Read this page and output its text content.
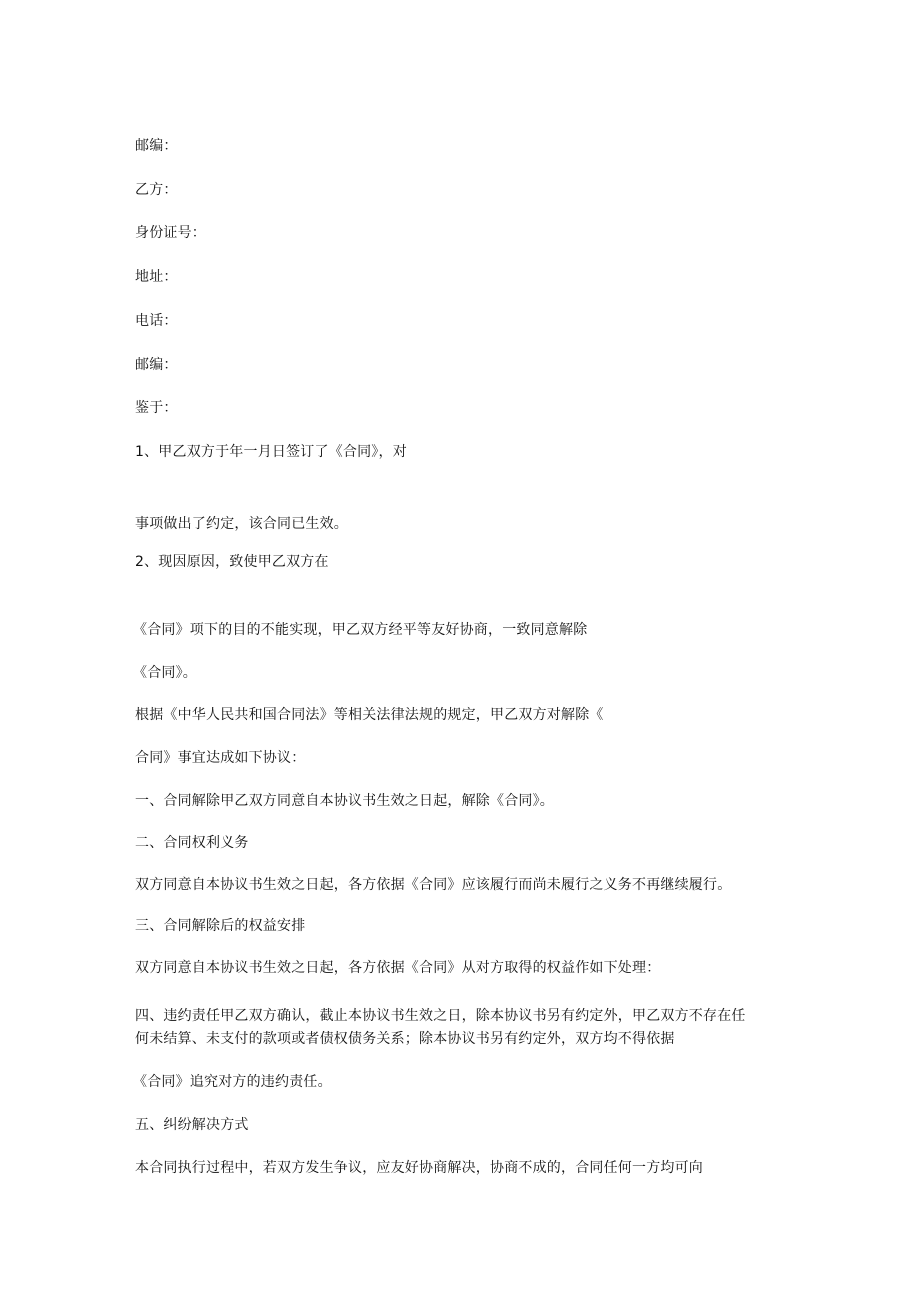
邮编：
乙方：
身份证号：
地址：
电话：
邮编：
鉴于：
1、甲乙双方于年一月日签订了《合同》，对
事项做出了约定，该合同已生效。
2、现因原因，致使甲乙双方在
《合同》项下的目的不能实现，甲乙双方经平等友好协商，一致同意解除
《合同》。
根据《中华人民共和国合同法》等相关法律法规的规定，甲乙双方对解除《
合同》事宜达成如下协议：
一、合同解除甲乙双方同意自本协议书生效之日起，解除《合同》。
二、合同权利义务
双方同意自本协议书生效之日起，各方依据《合同》应该履行而尚未履行之义务不再继续履行。
三、合同解除后的权益安排
双方同意自本协议书生效之日起，各方依据《合同》从对方取得的权益作如下处理：
四、违约责任甲乙双方确认，截止本协议书生效之日，除本协议书另有约定外，甲乙双方不存在任
何未结算、未支付的款项或者债权债务关系；除本协议书另有约定外，双方均不得依据
《合同》追究对方的违约责任。
五、纠纷解决方式
本合同执行过程中，若双方发生争议，应友好协商解决，协商不成的，合同任何一方均可向
